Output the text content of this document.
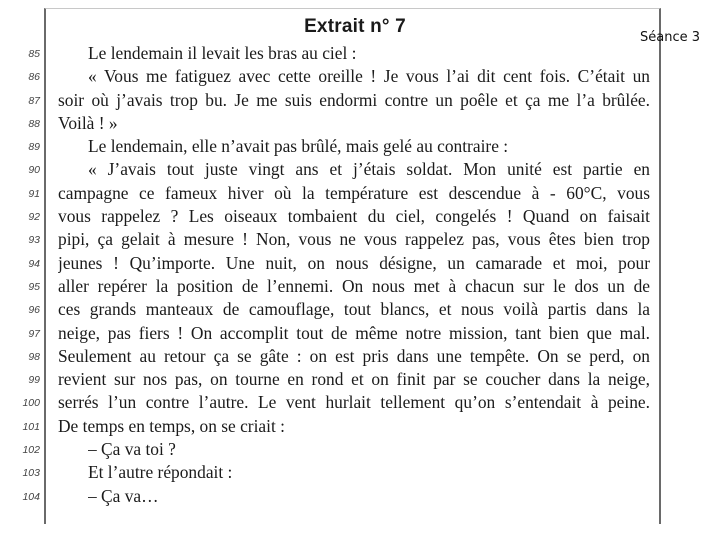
Extrait n° 7
Séance 3
85	Le lendemain il levait les bras au ciel :
86	« Vous me fatiguez avec cette oreille ! Je vous l’ai dit cent fois. C’était un
87 soir où j’avais trop bu. Je me suis endormi contre un poêle et ça me l’a brûlée.
88 Voilà ! »
89	Le lendemain, elle n’avait pas brûlé, mais gelé au contraire :
90	« J’avais tout juste vingt ans et j’étais soldat. Mon unité est partie en
91 campagne ce fameux hiver où la température est descendue à - 60°C, vous
92 vous rappelez ? Les oiseaux tombaient du ciel, congelés ! Quand on faisait
93 pipi, ça gelait à mesure ! Non, vous ne vous rappelez pas, vous êtes bien trop
94 jeunes ! Qu’importe. Une nuit, on nous désigne, un camarade et moi, pour
95 aller repérer la position de l’ennemi. On nous met à chacun sur le dos un de
96 ces grands manteaux de camouflage, tout blancs, et nous voilà partis dans la
97 neige, pas fiers ! On accomplit tout de même notre mission, tant bien que mal.
98 Seulement au retour ça se gâte : on est pris dans une tempête. On se perd, on
99 revient sur nos pas, on tourne en rond et on finit par se coucher dans la neige,
100 serrés l’un contre l’autre. Le vent hurlait tellement qu’on s’entendait à peine.
101 De temps en temps, on se criait :
102	– Ça va toi ?
103	Et l’autre répondait :
104	– Ça va…
